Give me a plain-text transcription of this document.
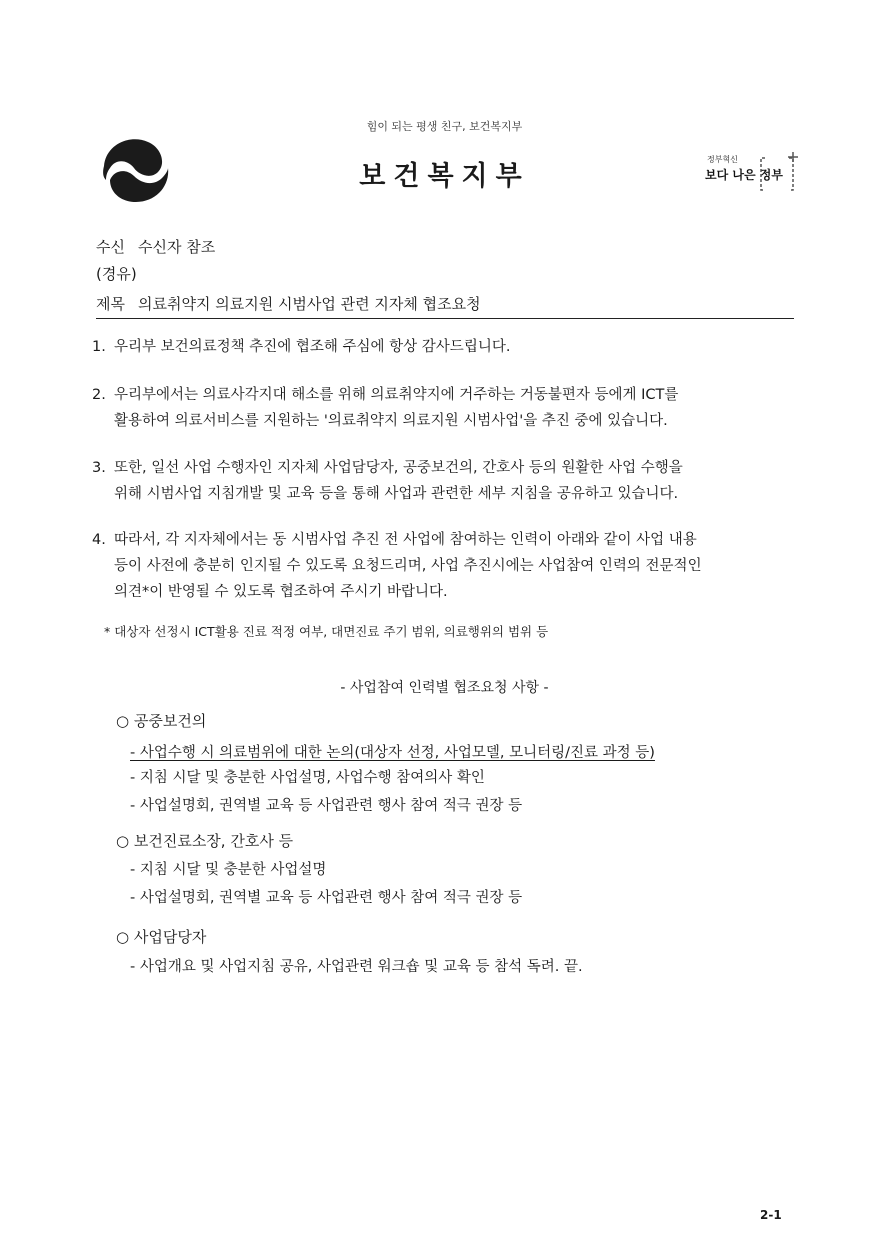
힘이 되는 평생 친구, 보건복지부
보건복지부
정부혁신
보다 나은 정부
수신 수신자 참조
(경유)
제목 의료취약지 의료지원 시범사업 관련 지자체 협조요청
1. 우리부 보건의료정책 추진에 협조해 주심에 항상 감사드립니다.
2. 우리부에서는 의료사각지대 해소를 위해 의료취약지에 거주하는 거동불편자 등에게 ICT를
활용하여 의료서비스를 지원하는 '의료취약지 의료지원 시범사업'을 추진 중에 있습니다.
3. 또한, 일선 사업 수행자인 지자체 사업담당자, 공중보건의, 간호사 등의 원활한 사업 수행을
위해 시범사업 지침개발 및 교육 등을 통해 사업과 관련한 세부 지침을 공유하고 있습니다.
4. 따라서, 각 지자체에서는 동 시범사업 추진 전 사업에 참여하는 인력이 아래와 같이 사업 내용
등이 사전에 충분히 인지될 수 있도록 요청드리며, 사업 추진시에는 사업참여 인력의 전문적인
의견*이 반영될 수 있도록 협조하여 주시기 바랍니다.
* 대상자 선정시 ICT활용 진료 적정 여부, 대면진료 주기 범위, 의료행위의 범위 등
- 사업참여 인력별 협조요청 사항 -
○ 공중보건의
- 사업수행 시 의료범위에 대한 논의(대상자 선정, 사업모델, 모니터링/진료 과정 등)
- 지침 시달 및 충분한 사업설명, 사업수행 참여의사 확인
- 사업설명회, 권역별 교육 등 사업관련 행사 참여 적극 권장 등
○ 보건진료소장, 간호사 등
- 지침 시달 및 충분한 사업설명
- 사업설명회, 권역별 교육 등 사업관련 행사 참여 적극 권장 등
○ 사업담당자
- 사업개요 및 사업지침 공유, 사업관련 워크숍 및 교육 등 참석 독려. 끝.
2-1
